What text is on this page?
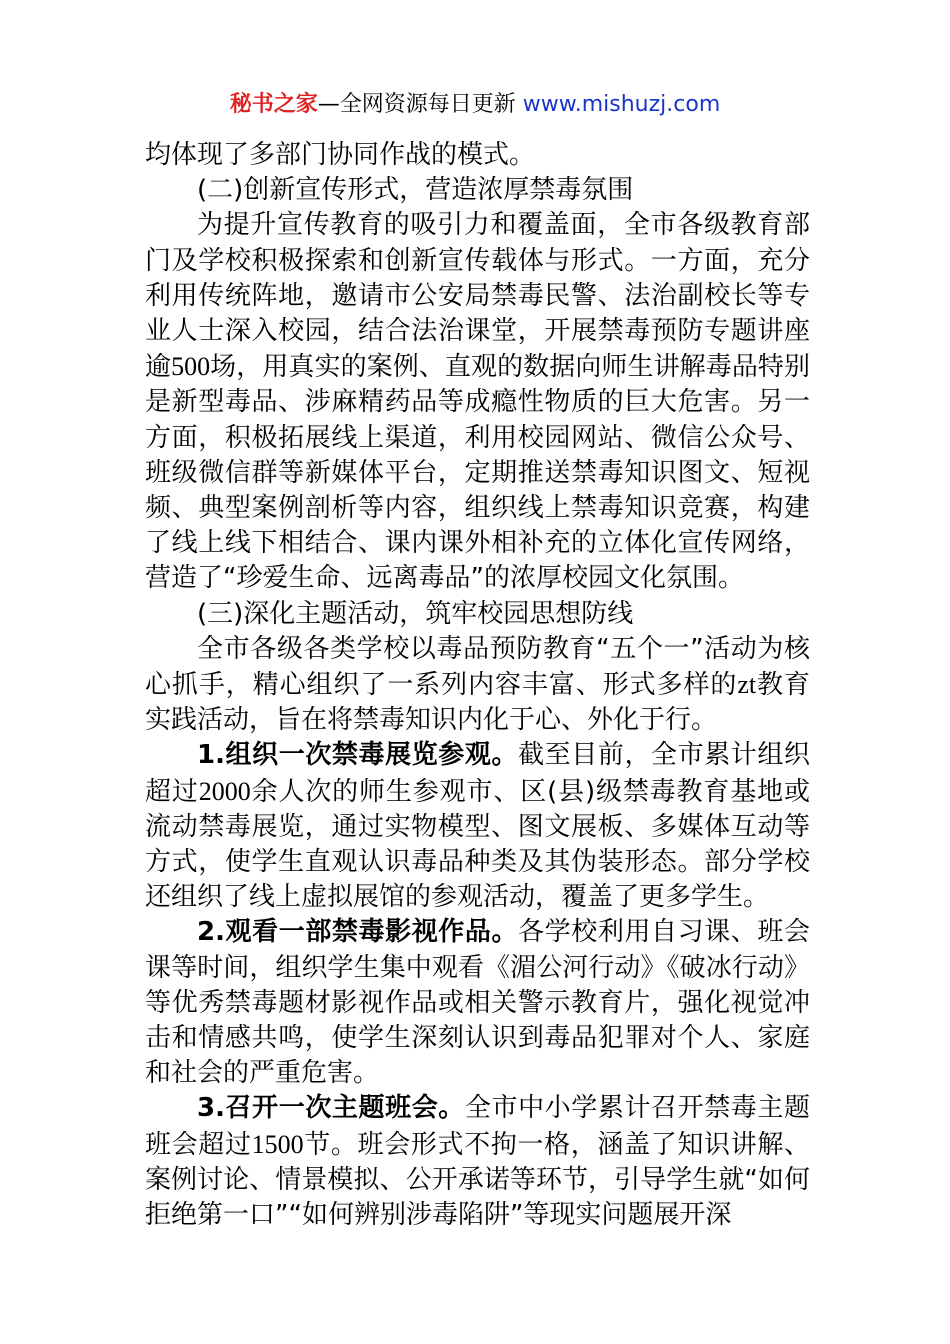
秘书之家—全网资源每日更新 www.mishuzj.com

均体现了多部门协同作战的模式。

(二)创新宣传形式，营造浓厚禁毒氛围

为提升宣传教育的吸引力和覆盖面，全市各级教育部门及学校积极探索和创新宣传载体与形式。一方面，充分利用传统阵地，邀请市公安局禁毒民警、法治副校长等专业人士深入校园，结合法治课堂，开展禁毒预防专题讲座逾500场，用真实的案例、直观的数据向师生讲解毒品特别是新型毒品、涉麻精药品等成瘾性物质的巨大危害。另一方面，积极拓展线上渠道，利用校园网站、微信公众号、班级微信群等新媒体平台，定期推送禁毒知识图文、短视频、典型案例剖析等内容，组织线上禁毒知识竞赛，构建了线上线下相结合、课内课外相补充的立体化宣传网络，营造了“珍爱生命、远离毒品”的浓厚校园文化氛围。

(三)深化主题活动，筑牢校园思想防线

全市各级各类学校以毒品预防教育“五个一”活动为核心抓手，精心组织了一系列内容丰富、形式多样的zt教育实践活动，旨在将禁毒知识内化于心、外化于行。

1.组织一次禁毒展览参观。截至目前，全市累计组织超过2000余人次的师生参观市、区(县)级禁毒教育基地或流动禁毒展览，通过实物模型、图文展板、多媒体互动等方式，使学生直观认识毒品种类及其伪装形态。部分学校还组织了线上虚拟展馆的参观活动，覆盖了更多学生。

2.观看一部禁毒影视作品。各学校利用自习课、班会课等时间，组织学生集中观看《湄公河行动》《破冰行动》等优秀禁毒题材影视作品或相关警示教育片，强化视觉冲击和情感共鸣，使学生深刻认识到毒品犯罪对个人、家庭和社会的严重危害。

3.召开一次主题班会。全市中小学累计召开禁毒主题班会超过1500节。班会形式不拘一格，涵盖了知识讲解、案例讨论、情景模拟、公开承诺等环节，引导学生就“如何拒绝第一口”“如何辨别涉毒陷阱”等现实问题展开深
